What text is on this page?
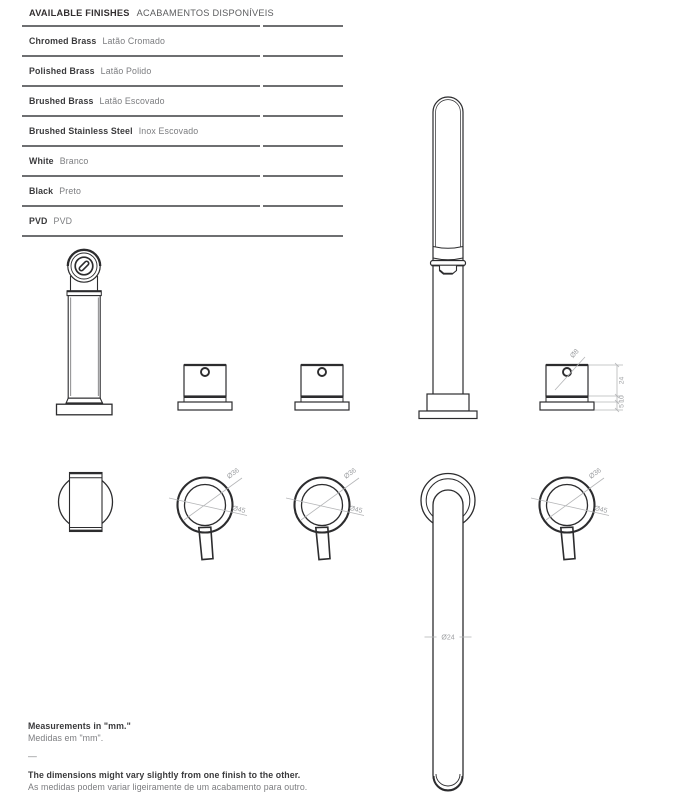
AVAILABLE FINISHES ACABAMENTOS DISPONÍVEIS
Chromed Brass Latão Cromado
Polished Brass Latão Polido
Brushed Brass Latão Escovado
Brushed Stainless Steel Inox Escovado
White Branco
Black Preto
PVD PVD
Ø45
Ø8
24
10
5
Ø24
Measurements in "mm."
Medidas em "mm".
—
The dimensions might vary slightly from one finish to the other.
As medidas podem variar ligeiramente de um acabamento para outro.
